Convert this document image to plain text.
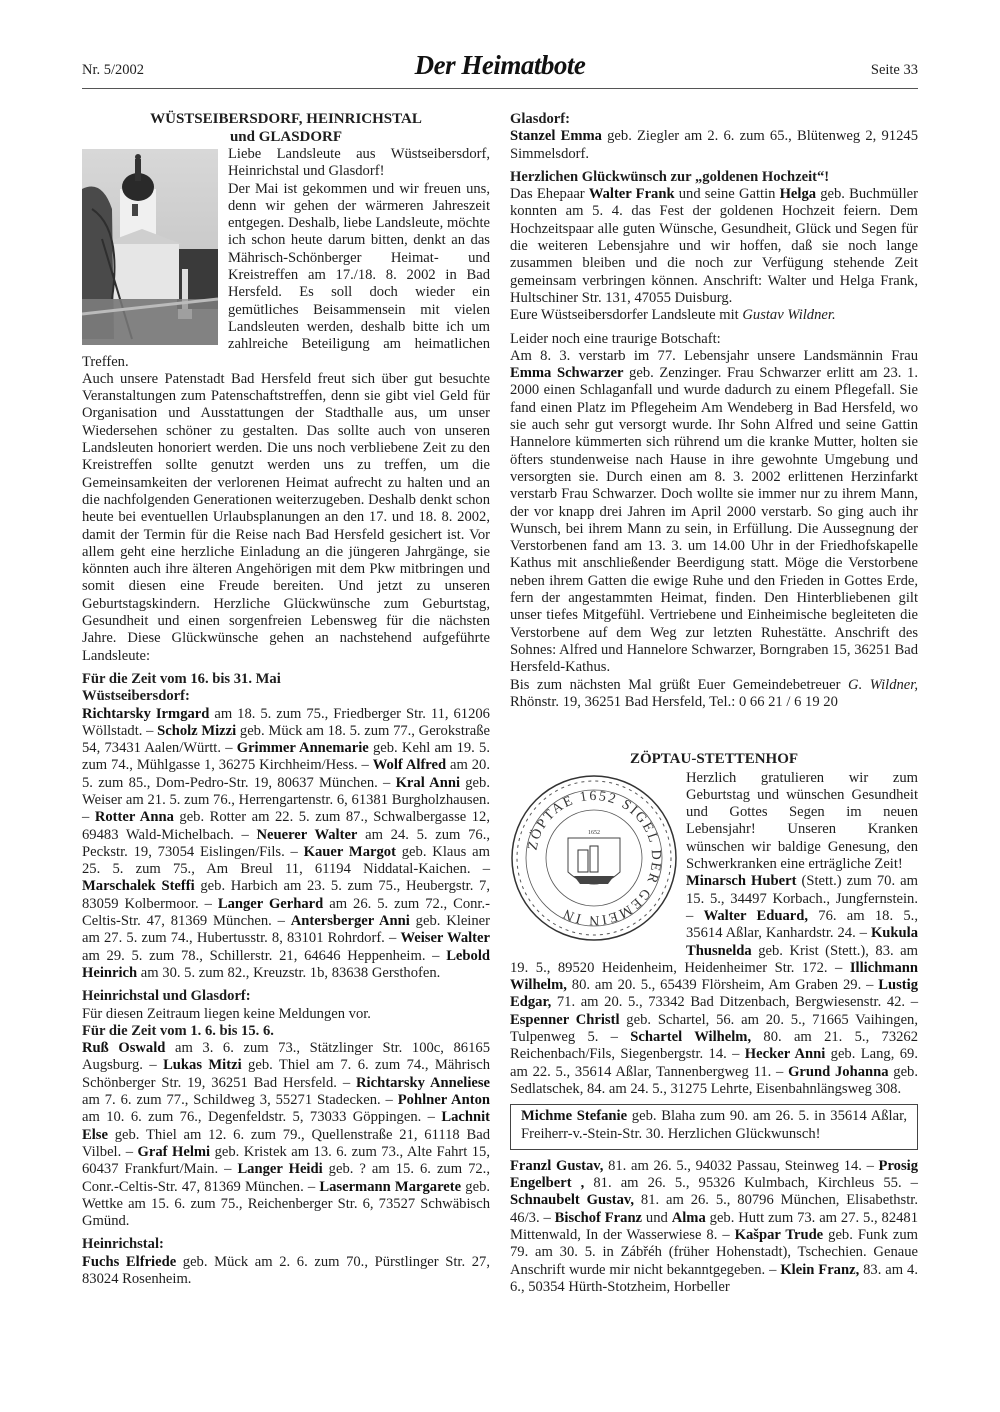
Nr. 5/2002	Der Heimatbote	Seite 33
WÜSTSEIBERSDORF, HEINRICHSTAL
und GLASDORF

Liebe Landsleute aus Wüstseibersdorf, Heinrichstal und Glasdorf!

Der Mai ist gekommen und wir freuen uns, denn wir gehen der wärmeren Jahreszeit entgegen. Deshalb, liebe Landsleute, möchte ich schon heute darum bitten, denkt an das Mährisch-Schönberger Heimat- und Kreistreffen am 17./18. 8. 2002 in Bad Hersfeld. Es soll doch wieder ein gemütliches Beisammensein mit vielen Landsleuten werden, deshalb bitte ich um zahlreiche Beteiligung am heimatlichen Treffen.

Auch unsere Patenstadt Bad Hersfeld freut sich über gut besuchte Veranstaltungen zum Patenschaftstreffen, denn sie gibt viel Geld für Organisation und Ausstattungen der Stadthalle aus, um unser Wiedersehen schöner zu gestalten. Das sollte auch von unseren Landsleuten honoriert werden. Die uns noch verbliebene Zeit zu den Kreistreffen sollte genutzt werden uns zu treffen, um die Gemeinsamkeiten der verlorenen Heimat aufrecht zu halten und an die nachfolgenden Generationen weiterzugeben. Deshalb denkt schon heute bei eventuellen Urlaubsplanungen an den 17. und 18. 8. 2002, damit der Termin für die Reise nach Bad Hersfeld gesichert ist. Vor allem geht eine herzliche Einladung an die jüngeren Jahrgänge, sie könnten auch ihre älteren Angehörigen mit dem Pkw mitbringen und somit diesen eine Freude bereiten. Und jetzt zu unseren Geburtstagskindern. Herzliche Glückwünsche zum Geburtstag, Gesundheit und einen sorgenfreien Lebensweg für die nächsten Jahre. Diese Glückwünsche gehen an nachstehend aufgeführte Landsleute:

Für die Zeit vom 16. bis 31. Mai
Wüstseibersdorf:

Richtarsky Irmgard am 18. 5. zum 75., Friedberger Str. 11, 61206 Wöllstadt. – Scholz Mizzi geb. Mück am 18. 5. zum 77., Gerokstraße 54, 73431 Aalen/Württ. – Grimmer Annemarie geb. Kehl am 19. 5. zum 74., Mühlgasse 1, 36275 Kirchheim/Hess. – Wolf Alfred am 20. 5. zum 85., Dom-Pedro-Str. 19, 80637 München. – Kral Anni geb. Weiser am 21. 5. zum 76., Herrengartenstr. 6, 61381 Burgholzhausen. – Rotter Anna geb. Rotter am 22. 5. zum 87., Schwalbergasse 12, 69483 Wald-Michelbach. – Neuerer Walter am 24. 5. zum 76., Peckstr. 19, 73054 Eislingen/Fils. – Kauer Margot geb. Klaus am 25. 5. zum 75., Am Breul 11, 61194 Niddatal-Kaichen. – Marschalek Steffi geb. Harbich am 23. 5. zum 75., Heubergstr. 7, 83059 Kolbermoor. – Langer Gerhard am 26. 5. zum 72., Conr.-Celtis-Str. 47, 81369 München. – Antersberger Anni geb. Kleiner am 27. 5. zum 74., Hubertusstr. 8, 83101 Rohrdorf. – Weiser Walter am 29. 5. zum 78., Schillerstr. 21, 64646 Heppenheim. – Lebold Heinrich am 30. 5. zum 82., Kreuzstr. 1b, 83638 Gersthofen.

Heinrichstal und Glasdorf:

Für diesen Zeitraum liegen keine Meldungen vor.

Für die Zeit vom 1. 6. bis 15. 6.

Ruß Oswald am 3. 6. zum 73., Stätzlinger Str. 100c, 86165 Augsburg. – Lukas Mitzi geb. Thiel am 7. 6. zum 74., Mährisch Schönberger Str. 19, 36251 Bad Hersfeld. – Richtarsky Anneliese am 7. 6. zum 77., Schildweg 3, 55271 Stadecken. – Pohlner Anton am 10. 6. zum 76., Degenfeldstr. 5, 73033 Göppingen. – Lachnit Else geb. Thiel am 12. 6. zum 79., Quellenstraße 21, 61118 Bad Vilbel. – Graf Helmi geb. Kristek am 13. 6. zum 73., Alte Fahrt 15, 60437 Frankfurt/Main. – Langer Heidi geb. ? am 15. 6. zum 72., Conr.-Celtis-Str. 47, 81369 München. – Lasermann Margarete geb. Wettke am 15. 6. zum 75., Reichenberger Str. 6, 73527 Schwäbisch Gmünd.

Heinrichstal:

Fuchs Elfriede geb. Mück am 2. 6. zum 70., Pürstlinger Str. 27, 83024 Rosenheim.

Glasdorf:

Stanzel Emma geb. Ziegler am 2. 6. zum 65., Blütenweg 2, 91245 Simmelsdorf.

Herzlichen Glückwünsch zur „goldenen Hochzeit“!

Das Ehepaar Walter Frank und seine Gattin Helga geb. Buchmüller konnten am 5. 4. das Fest der goldenen Hochzeit feiern. Dem Hochzeitspaar alle guten Wünsche, Gesundheit, Glück und Segen für die weiteren Lebensjahre und wir hoffen, daß sie noch lange zusammen bleiben und die noch zur Verfügung stehende Zeit gemeinsam verbringen können. Anschrift: Walter und Helga Frank, Hultschiner Str. 131, 47055 Duisburg.

Eure Wüstseibersdorfer Landsleute mit Gustav Wildner.

Leider noch eine traurige Botschaft:

Am 8. 3. verstarb im 77. Lebensjahr unsere Landsmännin Frau Emma Schwarzer geb. Zenzinger. Frau Schwarzer erlitt am 23. 1. 2000 einen Schlaganfall und wurde dadurch zu einem Pflegefall. Sie fand einen Platz im Pflegeheim Am Wendeberg in Bad Hersfeld, wo sie auch sehr gut versorgt wurde. Ihr Sohn Alfred und seine Gattin Hannelore kümmerten sich rührend um die kranke Mutter, holten sie öfters stundenweise nach Hause in ihre gewohnte Umgebung und versorgten sie. Durch einen am 8. 3. 2002 erlittenen Herzinfarkt verstarb Frau Schwarzer. Doch wollte sie immer nur zu ihrem Mann, der vor knapp drei Jahren im April 2000 verstarb. So ging auch ihr Wunsch, bei ihrem Mann zu sein, in Erfüllung. Die Aussegnung der Verstorbenen fand am 13. 3. um 14.00 Uhr in der Friedhofskapelle Kathus mit anschließender Beerdigung statt. Möge die Verstorbene neben ihrem Gatten die ewige Ruhe und den Frieden in Gottes Erde, fern der angestammten Heimat, finden. Den Hinterbliebenen gilt unser tiefes Mitgefühl. Vertriebene und Einheimische begleiteten die Verstorbene auf dem Weg zur letzten Ruhestätte. Anschrift des Sohnes: Alfred und Hannelore Schwarzer, Borngraben 15, 36251 Bad Hersfeld-Kathus.

Bis zum nächsten Mal grüßt Euer Gemeindebetreuer G. Wildner, Rhönstr. 19, 36251 Bad Hersfeld, Tel.: 0 66 21 / 6 19 20

ZÖPTAU-STETTENHOF
ZÖPTAE 1652 SIGEL DER GEMEIN IN
1652

Herzlich gratulieren wir zum Geburtstag und wünschen Gesundheit und Gottes Segen im neuen Lebensjahr! Unseren Kranken wünschen wir baldige Genesung, den Schwerkranken eine erträgliche Zeit!

Minarsch Hubert (Stett.) zum 70. am 15. 5., 34497 Korbach., Jungfernstein. – Walter Eduard, 76. am 18. 5., 35614 Aßlar, Kanhardstr. 24. – Kukula Thusnelda geb. Krist (Stett.), 83. am 19. 5., 89520 Heidenheim, Heidenheimer Str. 172. – Illichmann Wilhelm, 80. am 20. 5., 65439 Flörsheim, Am Graben 29. – Lustig Edgar, 71. am 20. 5., 73342 Bad Ditzenbach, Bergwiesenstr. 42. – Espenner Christl geb. Schartel, 56. am 20. 5., 71665 Vaihingen, Tulpenweg 5. – Schartel Wilhelm, 80. am 21. 5., 73262 Reichenbach/Fils, Siegenbergstr. 14. – Hecker Anni geb. Lang, 69. am 22. 5., 35614 Aßlar, Tannenbergweg 11. – Grund Johanna geb. Sedlatschek, 84. am 24. 5., 31275 Lehrte, Eisenbahnlängsweg 308.

Michme Stefanie geb. Blaha zum 90. am 26. 5. in 35614 Aßlar, Freiherr-v.-Stein-Str. 30. Herzlichen Glückwunsch!

Franzl Gustav, 81. am 26. 5., 94032 Passau, Steinweg 14. – Prosig Engelbert , 81. am 26. 5., 95326 Kulmbach, Kirchleus 55. – Schnaubelt Gustav, 81. am 26. 5., 80796 München, Elisabethstr. 46/3. – Bischof Franz und Alma geb. Hutt zum 73. am 27. 5., 82481 Mittenwald, In der Wasserwiese 8. – Kašpar Trude geb. Funk zum 79. am 30. 5. in Zábřéh (früher Hohenstadt), Tschechien. Genaue Anschrift wurde mir nicht bekanntgegeben. – Klein Franz, 83. am 4. 6., 50354 Hürth-Stotzheim, Horbeller
